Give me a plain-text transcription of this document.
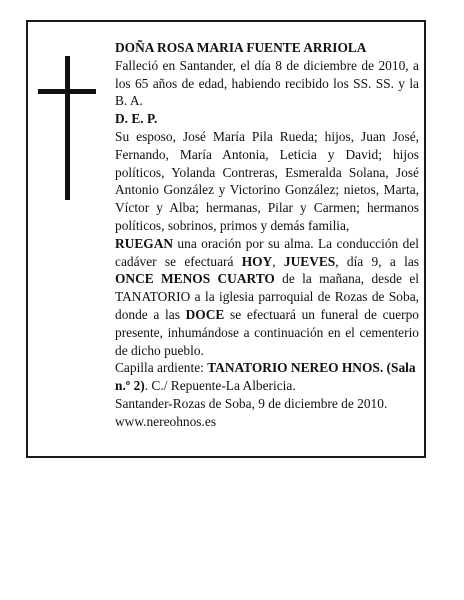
DOÑA ROSA MARIA FUENTE ARRIOLA

Falleció en Santander, el día 8 de diciembre de 2010, a los 65 años de edad, habiendo recibido los SS. SS. y la B. A.

D. E. P.

Su esposo, José María Pila Rueda; hijos, Juan José, Fernando, María Antonia, Leticia y David; hijos políticos, Yolanda Contreras, Esmeralda Solana, José Antonio González y Victorino González; nietos, Marta, Víctor y Alba; hermanas, Pilar y Carmen; hermanos políticos, sobrinos, primos y demás familia,

RUEGAN una oración por su alma. La conducción del cadáver se efectuará HOY, JUEVES, día 9, a las ONCE MENOS CUARTO de la mañana, desde el TANATORIO a la iglesia parroquial de Rozas de Soba, donde a las DOCE se efectuará un funeral de cuerpo presente, inhumándose a continuación en el cementerio de dicho pueblo.

Capilla ardiente: TANATORIO NEREO HNOS. (Sala n.º 2). C./ Repuente-La Albericia.

Santander-Rozas de Soba, 9 de diciembre de 2010.

www.nereohnos.es
